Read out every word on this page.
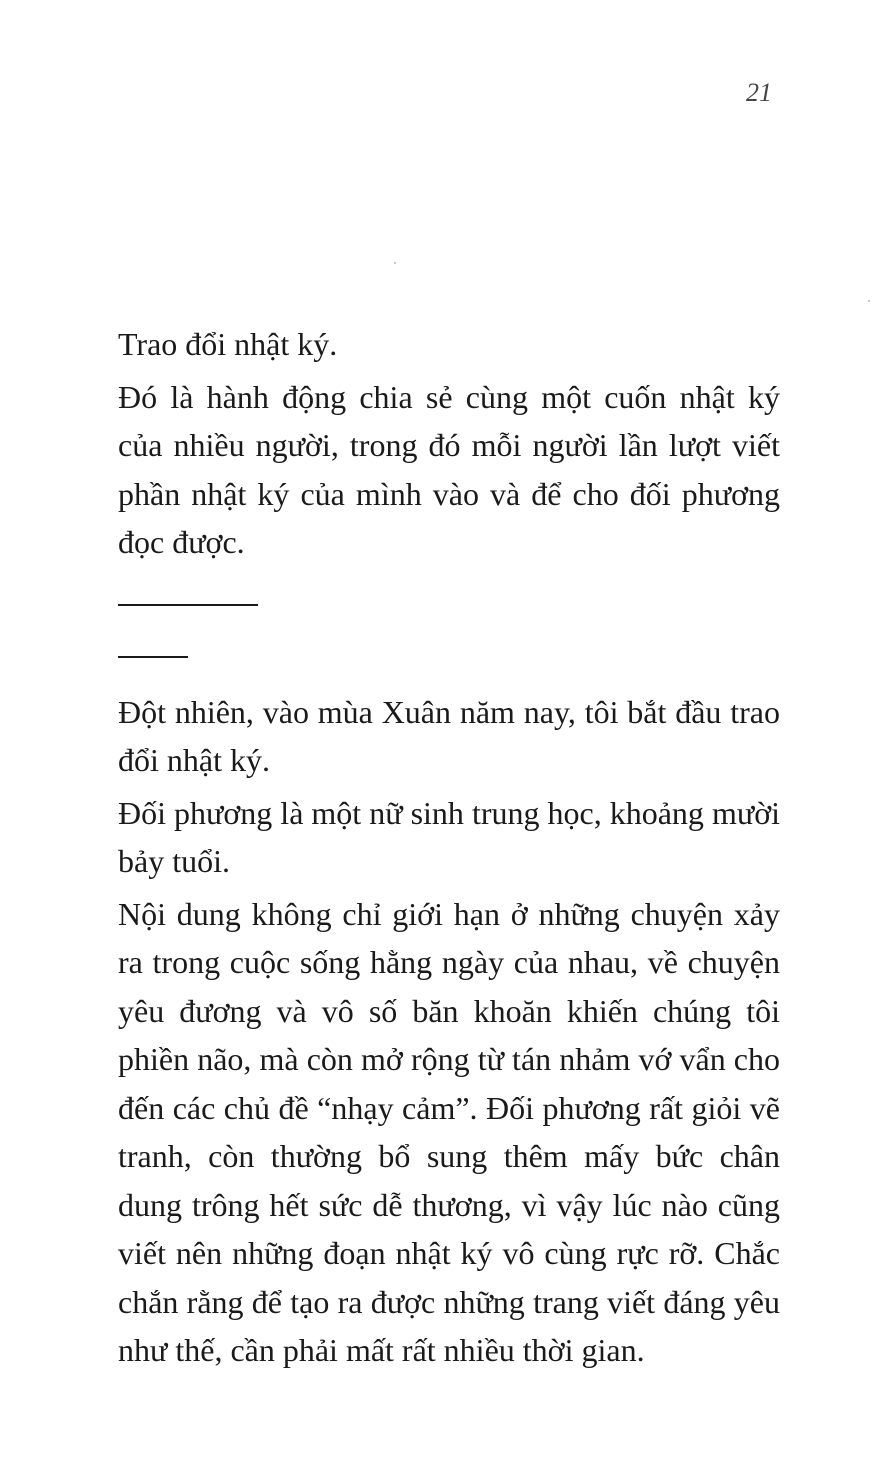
21

Trao đổi nhật ký.

Đó là hành động chia sẻ cùng một cuốn nhật ký của nhiều người, trong đó mỗi người lần lượt viết phần nhật ký của mình vào và để cho đối phương đọc được.

Đột nhiên, vào mùa Xuân năm nay, tôi bắt đầu trao đổi nhật ký.

Đối phương là một nữ sinh trung học, khoảng mười bảy tuổi.

Nội dung không chỉ giới hạn ở những chuyện xảy ra trong cuộc sống hằng ngày của nhau, về chuyện yêu đương và vô số băn khoăn khiến chúng tôi phiền não, mà còn mở rộng từ tán nhảm vớ vẩn cho đến các chủ đề “nhạy cảm”. Đối phương rất giỏi vẽ tranh, còn thường bổ sung thêm mấy bức chân dung trông hết sức dễ thương, vì vậy lúc nào cũng viết nên những đoạn nhật ký vô cùng rực rỡ. Chắc chắn rằng để tạo ra được những trang viết đáng yêu như thế, cần phải mất rất nhiều thời gian.
